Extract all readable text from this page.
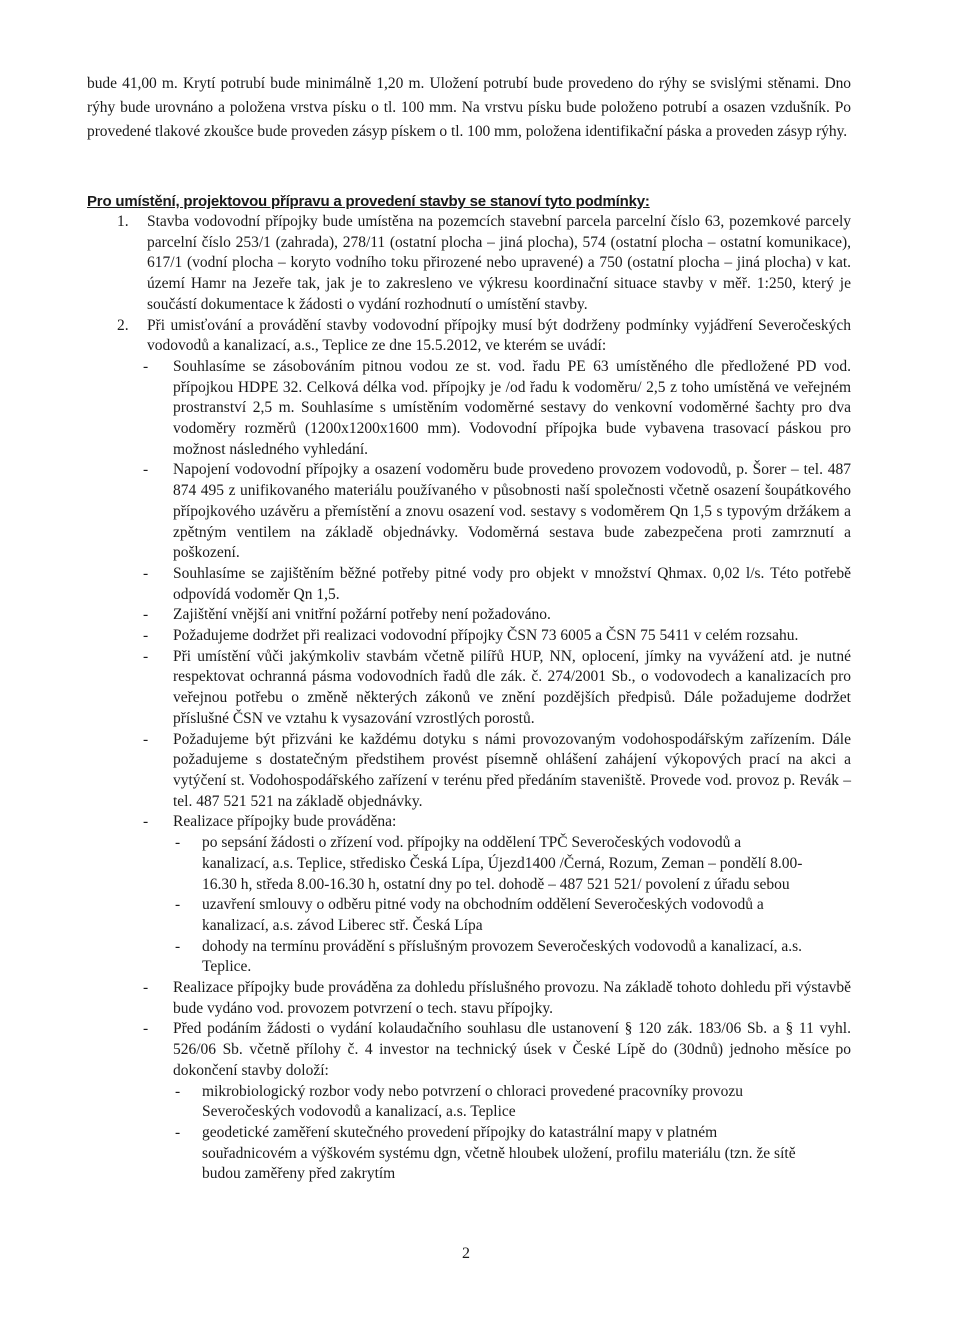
bude 41,00 m. Krytí potrubí bude minimálně 1,20 m. Uložení potrubí bude provedeno do rýhy se svislými stěnami. Dno rýhy bude urovnáno a položena vrstva písku o tl. 100 mm. Na vrstvu písku bude položeno potrubí a osazen vzdušník. Po provedené tlakové zkoušce bude proveden zásyp pískem o tl. 100 mm, položena identifikační páska a proveden zásyp rýhy.

Pro umístění, projektovou přípravu a provedení stavby se stanoví tyto podmínky:
1. Stavba vodovodní přípojky bude umístěna na pozemcích stavební parcela parcelní číslo 63, pozemkové parcely parcelní číslo 253/1 (zahrada), 278/11 (ostatní plocha – jiná plocha), 574 (ostatní plocha – ostatní komunikace), 617/1 (vodní plocha – koryto vodního toku přirozené nebo upravené) a 750 (ostatní plocha – jiná plocha) v kat. území Hamr na Jezeře tak, jak je to zakresleno ve výkresu koordinační situace stavby v měř. 1:250, který je součástí dokumentace k žádosti o vydání rozhodnutí o umístění stavby.
2. Při umisťování a provádění stavby vodovodní přípojky musí být dodrženy podmínky vyjádření Severočeských vodovodů a kanalizací, a.s., Teplice ze dne 15.5.2012, ve kterém se uvádí:
- Souhlasíme se zásobováním pitnou vodou ze st. vod. řadu PE 63 umístěného dle předložené PD vod. přípojkou HDPE 32. Celková délka vod. přípojky je /od řadu k vodoměru/ 2,5 z toho umístěná ve veřejném prostranství 2,5 m. Souhlasíme s umístěním vodoměrné sestavy do venkovní vodoměrné šachty pro dva vodoměry rozměrů (1200x1200x1600 mm). Vodovodní přípojka bude vybavena trasovací páskou pro možnost následného vyhledání.
- Napojení vodovodní přípojky a osazení vodoměru bude provedeno provozem vodovodů, p. Šorer – tel. 487 874 495 z unifikovaného materiálu používaného v působnosti naší společnosti včetně osazení šoupátkového přípojkového uzávěru a přemístění a znovu osazení vod. sestavy s vodoměrem Qn 1,5 s typovým držákem a zpětným ventilem na základě objednávky. Vodoměrná sestava bude zabezpečena proti zamrznutí a poškození.
- Souhlasíme se zajištěním běžné potřeby pitné vody pro objekt v množství Qhmax. 0,02 l/s. Této potřebě odpovídá vodoměr Qn 1,5.
- Zajištění vnější ani vnitřní požární potřeby není požadováno.
- Požadujeme dodržet při realizaci vodovodní přípojky ČSN 73 6005 a ČSN 75 5411 v celém rozsahu.
- Při umístění vůči jakýmkoliv stavbám včetně pilířů HUP, NN, oplocení, jímky na vyvážení atd. je nutné respektovat ochranná pásma vodovodních řadů dle zák. č. 274/2001 Sb., o vodovodech a kanalizacích pro veřejnou potřebu o změně některých zákonů ve znění pozdějších předpisů. Dále požadujeme dodržet příslušné ČSN ve vztahu k vysazování vzrostlých porostů.
- Požadujeme být přizváni ke každému dotyku s námi provozovaným vodohospodářským zařízením. Dále požadujeme s dostatečným předstihem provést písemně ohlášení zahájení výkopových prací na akci a vytýčení st. Vodohospodářského zařízení v terénu před předáním staveniště. Provede vod. provoz p. Revák – tel. 487 521 521 na základě objednávky.
- Realizace přípojky bude prováděna:
- po sepsání žádosti o zřízení vod. přípojky na oddělení TPČ Severočeských vodovodů a kanalizací, a.s. Teplice, středisko Česká Lípa, Újezd1400 /Černá, Rozum, Zeman – pondělí 8.00-16.30 h, středa 8.00-16.30 h, ostatní dny po tel. dohodě – 487 521 521/ povolení z úřadu sebou
- uzavření smlouvy o odběru pitné vody na obchodním oddělení Severočeských vodovodů a kanalizací, a.s. závod Liberec stř. Česká Lípa
- dohody na termínu provádění s příslušným provozem Severočeských vodovodů a kanalizací, a.s. Teplice.
- Realizace přípojky bude prováděna za dohledu příslušného provozu. Na základě tohoto dohledu při výstavbě bude vydáno vod. provozem potvrzení o tech. stavu přípojky.
- Před podáním žádosti o vydání kolaudačního souhlasu dle ustanovení § 120 zák. 183/06 Sb. a § 11 vyhl. 526/06 Sb. včetně přílohy č. 4 investor na technický úsek v České Lípě do (30dnů) jednoho měsíce po dokončení stavby doloží:
- mikrobiologický rozbor vody nebo potvrzení o chloraci provedené pracovníky provozu Severočeských vodovodů a kanalizací, a.s. Teplice
- geodetické zaměření skutečného provedení přípojky do katastrální mapy v platném souřadnicovém a výškovém systému dgn, včetně hloubek uložení, profilu materiálu (tzn. že sítě budou zaměřeny před zakrytím
2
